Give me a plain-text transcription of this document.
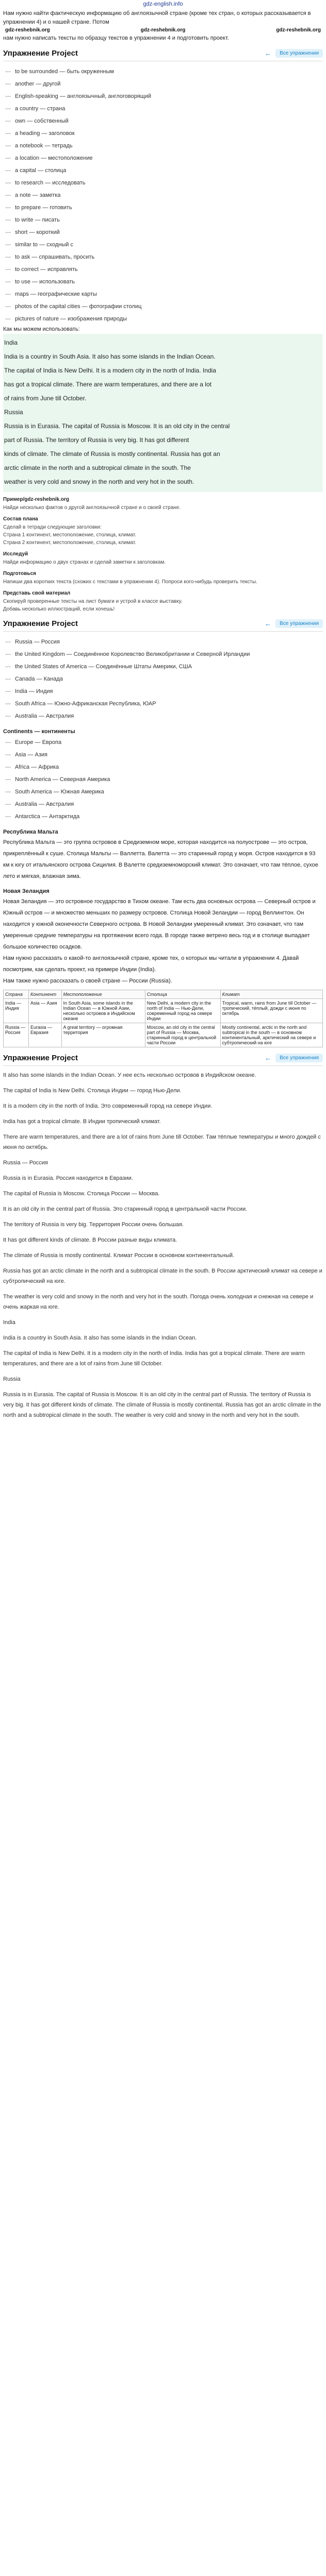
gdz-english.info

Нам нужно найти фактическую информацию об англоязычной стране (кроме тех стран, о которых рассказывается в упражнении 4) и о нашей стране. Потом

gdz-reshebnik.org	gdz-reshebnik.org	gdz-reshebnik.org

нам нужно написать тексты по образцу текстов в упражнении 4 и подготовить проект.

Упражнение Project	←	Все упражнения
— to be surrounded — быть окруженным
— another — другой
— English-speaking — англоязычный, англоговорящий
— a country — страна
— own — собственный
— a heading — заголовок
— a notebook — тетрадь
— a location — местоположение
— a capital — столица
— to research — исследовать
— a note — заметка
— to prepare — готовить
— to write — писать
— short — короткий
— similar to — сходный с
— to ask — спрашивать, просить
— to correct — исправлять
— to use — использовать
— maps — географические карты
— photos of the capital cities — фотографии столиц
— pictures of nature — изображения природы

Как мы можем использовать:

India

India is a country in South Asia. It also has some islands in the Indian Ocean.

The capital of India is New Delhi. It is a modern city in the north of India. India

has got a tropical climate. There are warm temperatures, and there are a lot

of rains from June till October.

Russia

Russia is in Eurasia. The capital of Russia is Moscow. It is an old city in the central

part of Russia. The territory of Russia is very big. It has got different

kinds of climate. The climate of Russia is mostly continental. Russia has got an

arctic climate in the north and a subtropical climate in the south. The

weather is very cold and snowy in the north and very hot in the south.

Пример/gdz-reshebnik.org

Найди несколько фактов о другой англоязычной стране и о своей стране.

Состав плана

Сделай в тетради следующие заголовки:

Страна 1 континент, местоположение, столица, климат.

Страна 2 континент, местоположение, столица, климат.

Исследуй

Найди информацию о двух странах и сделай заметки к заголовкам.

Подготовься

Напиши два коротких текста (схожих с текстами в упражнении 4). Попроси кого-нибудь проверить тексты.

Представь свой материал

Скопируй проверенные тексты на лист бумаги и устрой в классе выставку.

Добавь несколько иллюстраций, если хочешь!

Упражнение Project	←	Все упражнения
— Russia — Россия
— the United Kingdom — Соединённое Королевство Великобритании и Северной Ирландии
— the United States of America — Соединённые Штаты Америки, США
— Canada — Канада
— India — Индия
— South Africa — Южно-Африканская Республика, ЮАР
— Australia — Австралия

Continents — континенты

— Europe — Европа
— Asia — Азия
— Africa — Африка
— North America — Северная Америка
— South America — Южная Америка
— Australia — Австралия
— Antarctica — Антарктида

Республика Мальта

Республика Мальта — это группа островов в Средиземном море, которая находится на полуострове — это остров, прикреплённый к суше. Столица Мальты — Валлетта. Валетта — это старинный город у моря. Остров находится в 93 км к югу от итальянского острова Сицилия. В Валетте средиземноморский климат. Это означает, что там тёплое, сухое лето и мягкая, влажная зима.

Новая Зеландия

Новая Зеландия — это островное государство в Тихом океане. Там есть два основных острова — Северный остров и Южный остров — и множество меньших по размеру островов. Столица Новой Зеландии — город Веллингтон. Он находится у южной оконечности Северного острова. В Новой Зеландии умеренный климат. Это означает, что там умеренные средние температуры на протяжении всего года. В городе также ветрено весь год и в столице выпадает большое количество осадков.

Нам нужно рассказать о какой-то англоязычной стране, кроме тех, о которых мы читали в упражнении 4. Давай посмотрим, как сделать проект, на примере Индии (India).

Нам также нужно рассказать о своей стране — России (Russia).

Страна	Континент	Местоположение	Столица	Климат
India — Индия	Asia — Азия	In South Asia, some islands in the Indian Ocean — в Южной Азии, несколько островов в Индийском океане	New Delhi, a modern city in the north of India — Нью-Дели, современный город на севере Индии	Tropical, warm, rains from June till October — тропический, тёплый, дожди с июня по октябрь
Russia — Россия	Eurasia — Евразия	A great territory — огромная территория	Moscow, an old city in the central part of Russia — Москва, старинный город в центральной части России	Mostly continental, arctic in the north and subtropical in the south — в основном континентальный, арктический на севере и субтропический на юге
Упражнение Project	←	Все упражнения

It also has some islands in the Indian Ocean. У нее есть несколько островов в Индийском океане.

The capital of India is New Delhi. Столица Индии — город Нью-Дели.

It is a modern city in the north of India. Это современный город на севере Индии.

India has got a tropical climate. В Индии тропический климат.

There are warm temperatures, and there are a lot of rains from June till October. Там тёплые температуры и много дождей с июня по октябрь.

Russia — Россия

Russia is in Eurasia. Россия находится в Евразии.

The capital of Russia is Moscow. Столица России — Москва.

It is an old city in the central part of Russia. Это старинный город в центральной части России.

The territory of Russia is very big. Территория России очень большая.

It has got different kinds of climate. В России разные виды климата.

The climate of Russia is mostly continental. Климат России в основном континентальный.

Russia has got an arctic climate in the north and a subtropical climate in the south. В России арктический климат на севере и субтропический на юге.

The weather is very cold and snowy in the north and very hot in the south. Погода очень холодная и снежная на севере и очень жаркая на юге.

India

India is a country in South Asia. It also has some islands in the Indian Ocean.

The capital of India is New Delhi. It is a modern city in the north of India. India has got a tropical climate. There are warm temperatures, and there are a lot of rains from June till October.

Russia

Russia is in Eurasia. The capital of Russia is Moscow. It is an old city in the central part of Russia. The territory of Russia is very big. It has got different kinds of climate. The climate of Russia is mostly continental. Russia has got an arctic climate in the north and a subtropical climate in the south. The weather is very cold and snowy in the north and very hot in the south.
